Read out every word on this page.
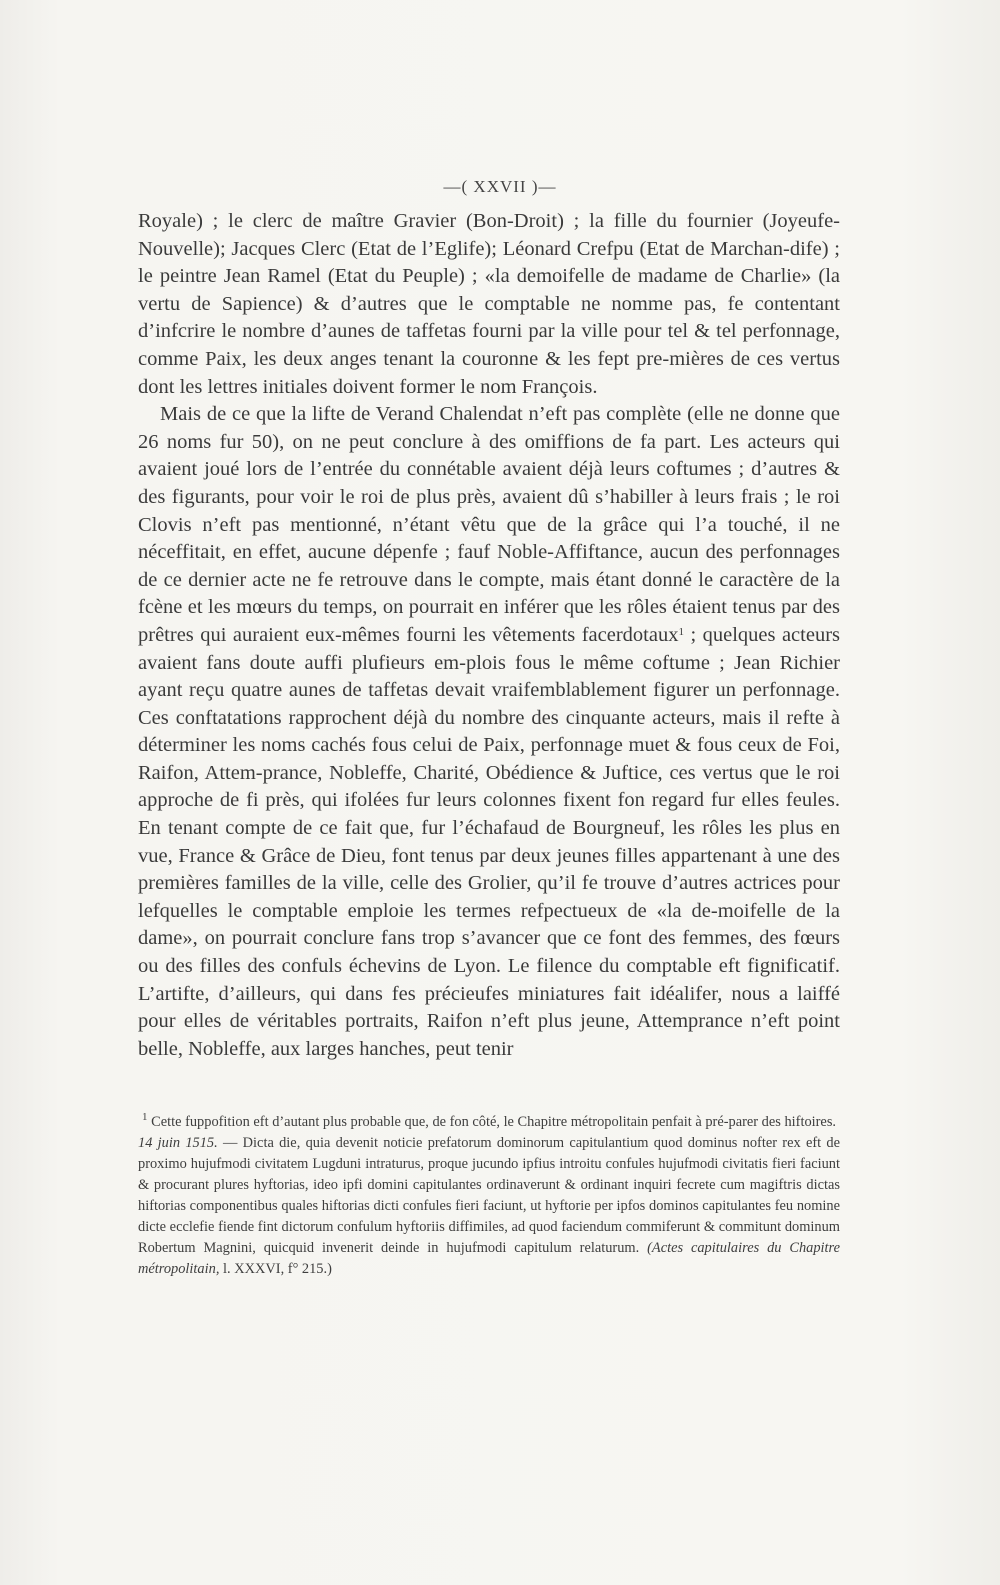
—( XXVII )—

Royale) ; le clerc de maître Gravier (Bon-Droit) ; la fille du fournier (Joyeufe-Nouvelle); Jacques Clerc (Etat de l’Eglife); Léonard Crefpu (Etat de Marchan-dife) ; le peintre Jean Ramel (Etat du Peuple) ; «la demoifelle de madame de Charlie» (la vertu de Sapience) & d’autres que le comptable ne nomme pas, fe contentant d’infcrire le nombre d’aunes de taffetas fourni par la ville pour tel & tel perfonnage, comme Paix, les deux anges tenant la couronne & les fept pre-mières de ces vertus dont les lettres initiales doivent former le nom François.

Mais de ce que la lifte de Verand Chalendat n’eft pas complète (elle ne donne que 26 noms fur 50), on ne peut conclure à des omiffions de fa part. Les acteurs qui avaient joué lors de l’entrée du connétable avaient déjà leurs coftumes ; d’autres & des figurants, pour voir le roi de plus près, avaient dû s’habiller à leurs frais ; le roi Clovis n’eft pas mentionné, n’étant vêtu que de la grâce qui l’a touché, il ne néceffitait, en effet, aucune dépenfe ; fauf Noble-Affiftance, aucun des perfonnages de ce dernier acte ne fe retrouve dans le compte, mais étant donné le caractère de la fcène et les mœurs du temps, on pourrait en inférer que les rôles étaient tenus par des prêtres qui auraient eux-mêmes fourni les vêtements facerdotaux$^1$ ; quelques acteurs avaient fans doute auffi plufieurs em-plois fous le même coftume ; Jean Richier ayant reçu quatre aunes de taffetas devait vraifemblablement figurer un perfonnage. Ces conftatations rapprochent déjà du nombre des cinquante acteurs, mais il refte à déterminer les noms cachés fous celui de Paix, perfonnage muet & fous ceux de Foi, Raifon, Attem-prance, Nobleffe, Charité, Obédience & Juftice, ces vertus que le roi approche de fi près, qui ifolées fur leurs colonnes fixent fon regard fur elles feules. En tenant compte de ce fait que, fur l’échafaud de Bourgneuf, les rôles les plus en vue, France & Grâce de Dieu, font tenus par deux jeunes filles appartenant à une des premières familles de la ville, celle des Grolier, qu’il fe trouve d’autres actrices pour lefquelles le comptable emploie les termes refpectueux de «la de-moifelle de la dame», on pourrait conclure fans trop s’avancer que ce font des femmes, des fœurs ou des filles des confuls échevins de Lyon. Le filence du comptable eft fignificatif. L’artifte, d’ailleurs, qui dans fes précieufes miniatures fait idéalifer, nous a laiffé pour elles de véritables portraits, Raifon n’eft plus jeune, Attemprance n’eft point belle, Nobleffe, aux larges hanches, peut tenir

$^1$ Cette fuppofition eft d’autant plus probable que, de fon côté, le Chapitre métropolitain penfait à pré-parer des hiftoires.

14 juin 1515. — Dicta die, quia devenit noticie prefatorum dominorum capitulantium quod dominus nofter rex eft de proximo hujufmodi civitatem Lugduni intraturus, proque jucundo ipfius introitu confules hujufmodi civitatis fieri faciunt & procurant plures hyftorias, ideo ipfi domini capitulantes ordinaverunt & ordinant inquiri fecrete cum magiftris dictas hiftorias componentibus quales hiftorias dicti confules fieri faciunt, ut hyftorie per ipfos dominos capitulantes feu nomine dicte ecclefie fiende fint dictorum confulum hyftoriis diffimiles, ad quod faciendum commiferunt & commitunt dominum Robertum Magnini, quicquid invenerit deinde in hujufmodi capitulum relaturum. (Actes capitulaires du Chapitre métropolitain, l. XXXVI, f° 215.)
